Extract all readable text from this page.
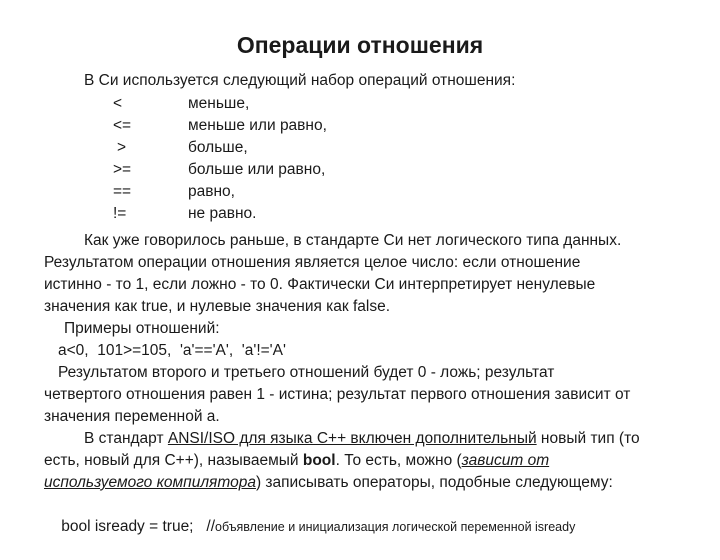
Операции отношения
В Си используется следующий набор операций отношения:
<	меньше,
<=	меньше или равно,
>	больше,
>=	больше или равно,
==	равно,
!=	не равно.
Как уже говорилось раньше, в стандарте Си нет логического типа данных.
Результатом операции отношения является целое число: если отношение
истинно - то 1, если ложно - то 0. Фактически Си интерпретирует ненулевые
значения как true, и нулевые значения как false.
Примеры отношений:
a<0,  101>=105,  'a'=='A',  'a'!='A'
Результатом второго и третьего отношений будет 0 - ложь; результат
четвертого отношения равен 1 - истина; результат первого отношения зависит от
значения переменной a.
В стандарт ANSI/ISO для языка С++ включен дополнительный новый тип (то
есть, новый для С++), называемый bool. То есть, можно (зависит от
используемого компилятора) записывать операторы, подобные следующему:

bool isready = true;   //объявление и инициализация логической переменной isready
